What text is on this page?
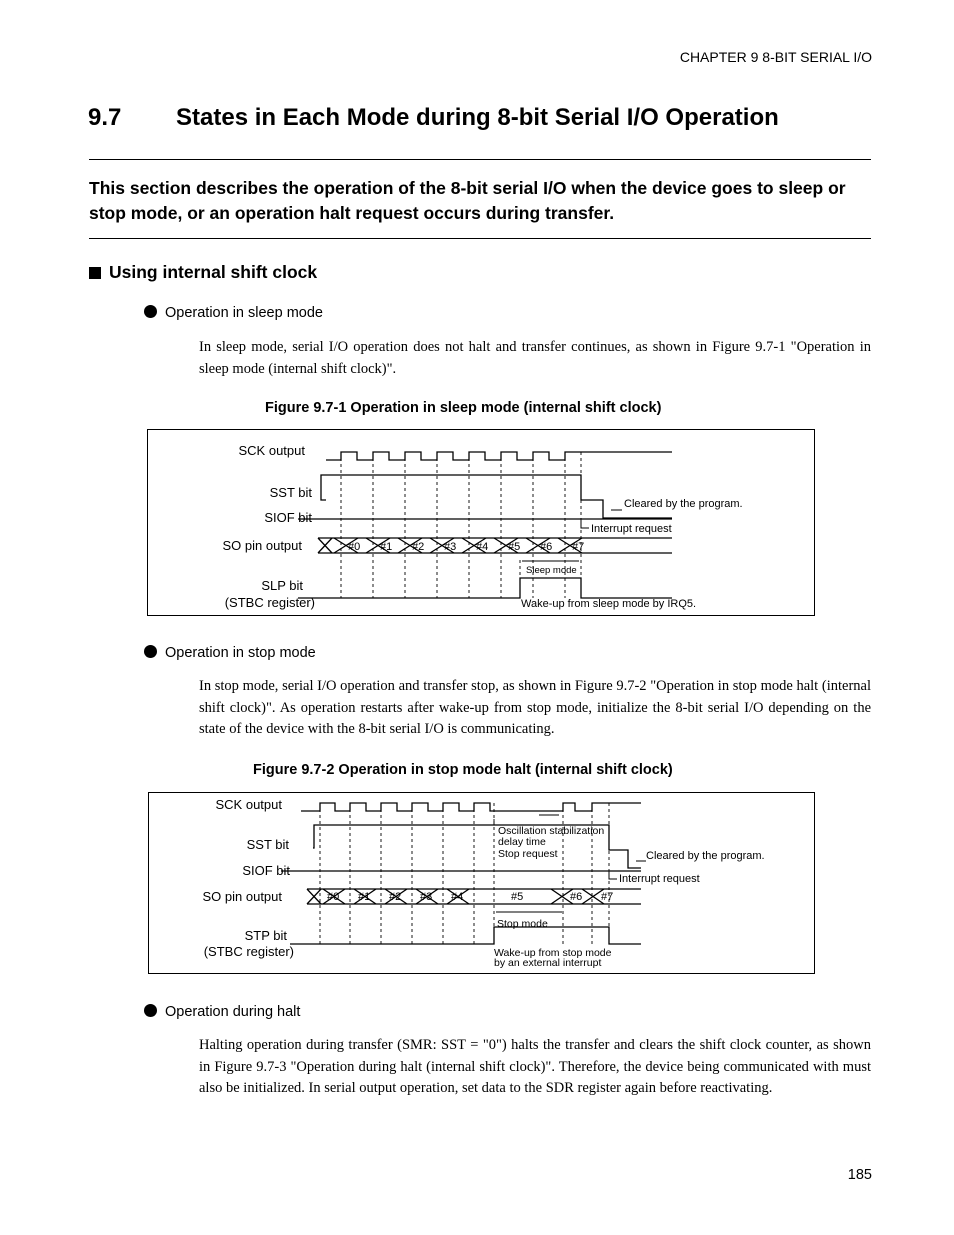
CHAPTER 9 8-BIT SERIAL I/O
9.7 States in Each Mode during 8-bit Serial I/O Operation
This section describes the operation of the 8-bit serial I/O when the device goes to sleep or stop mode, or an operation halt request occurs during transfer.
Using internal shift clock
Operation in sleep mode
In sleep mode, serial I/O operation does not halt and transfer continues, as shown in Figure 9.7-1 "Operation in sleep mode (internal shift clock)".
Figure 9.7-1 Operation in sleep mode (internal shift clock)
SCK output
SST bit
SIOF bit
SO pin output
SLP bit
(STBC register)
Cleared by the program.
Interrupt request
Sleep mode
Wake-up from sleep mode by IRQ5.
#0 #1 #2 #3 #4 #5 #6 #7
Operation in stop mode
In stop mode, serial I/O operation and transfer stop, as shown in Figure 9.7-2 "Operation in stop mode halt (internal shift clock)". As operation restarts after wake-up from stop mode, initialize the 8-bit serial I/O depending on the state of the device with the 8-bit serial I/O is communicating.
Figure 9.7-2 Operation in stop mode halt (internal shift clock)
SCK output
SST bit
SIOF bit
SO pin output
STP bit
(STBC register)
Oscillation stabilization
delay time
Stop request	Cleared by the program.
Interrupt request
Stop mode
Wake-up from stop mode
by an external interrupt
#0 #1 #2 #3 #4	#5	#6 #7
Operation during halt
Halting operation during transfer (SMR: SST = "0") halts the transfer and clears the shift clock counter, as shown in Figure 9.7-3 "Operation during halt (internal shift clock)". Therefore, the device being communicated with must also be initialized. In serial output operation, set data to the SDR register again before reactivating.
185
